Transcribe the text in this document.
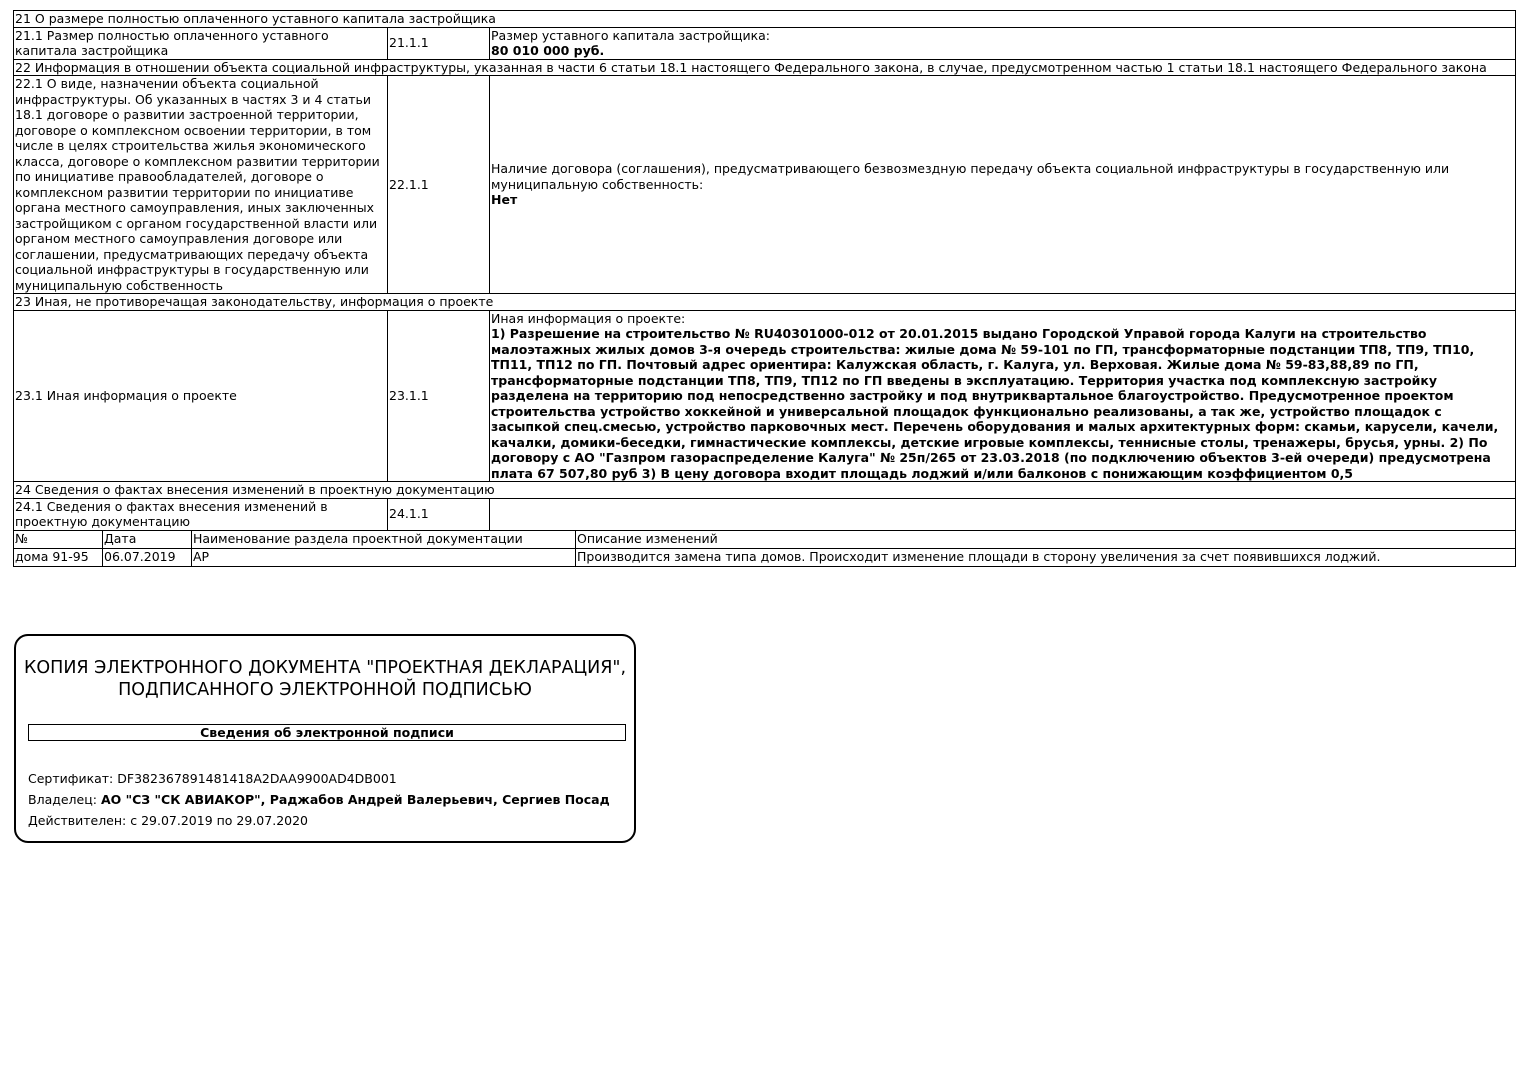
21 О размере полностью оплаченного уставного капитала застройщика		
21.1 Размер полностью оплаченного уставного капитала застройщика	21.1.1	Размер уставного капитала застройщика:
80 010 000 руб.

22 Информация в отношении объекта социальной инфраструктуры, указанная в части 6 статьи 18.1 настоящего Федерального закона, в случае, предусмотренном частью 1 статьи 18.1 настоящего Федерального закона		
22.1 О виде, назначении объекта социальной инфраструктуры. Об указанных в частях 3 и 4 статьи 18.1 договоре о развитии застроенной территории, договоре о комплексном освоении территории, в том числе в целях строительства жилья экономического класса, договоре о комплексном развитии территории по инициативе правообладателей, договоре о комплексном развитии территории по инициативе органа местного самоуправления, иных заключенных застройщиком с органом государственной власти или органом местного самоуправления договоре или соглашении, предусматривающих передачу объекта социальной инфраструктуры в государственную или муниципальную собственность	22.1.1	Наличие договора (соглашения), предусматривающего безвозмездную передачу объекта социальной инфраструктуры в государственную или муниципальную собственность:
Нет

23 Иная, не противоречащая законодательству, информация о проекте		
23.1 Иная информация о проекте	23.1.1	Иная информация о проекте:
1) Разрешение на строительство № RU40301000-012 от 20.01.2015 выдано Городской Управой города Калуги на строительство малоэтажных жилых домов 3-я очередь строительства: жилые дома № 59-101 по ГП, трансформаторные подстанции ТП8, ТП9, ТП10, ТП11, ТП12 по ГП. Почтовый адрес ориентира: Калужская область, г. Калуга, ул. Верховая. Жилые дома № 59-83,88,89 по ГП, трансформаторные подстанции ТП8, ТП9, ТП12 по ГП введены в эксплуатацию. Территория участка под комплексную застройку разделена на территорию под непосредственно застройку и под внутриквартальное благоустройство. Предусмотренное проектом строительства устройство хоккейной и универсальной площадок функционально реализованы, а так же, устройство площадок с засыпкой спец.смесью, устройство парковочных мест. Перечень оборудования и малых архитектурных форм: скамьи, карусели, качели, качалки, домики-беседки, гимнастические комплексы, детские игровые комплексы, теннисные столы, тренажеры, брусья, урны. 2) По договору с АО "Газпром газораспределение Калуга" № 25п/265 от 23.03.2018 (по подключению объектов 3-ей очереди) предусмотрена плата 67 507,80 руб 3) В цену договора входит площадь лоджий и/или балконов с понижающим коэффициентом 0,5

24 Сведения о фактах внесения изменений в проектную документацию		
24.1 Сведения о фактах внесения изменений в проектную документацию	24.1.1	
№	Дата	Наименование раздела проектной документации	Описание изменений
дома 91-95	06.07.2019	АР	Производится замена типа домов. Происходит изменение площади в сторону увеличения за счет появившихся лоджий.
КОПИЯ ЭЛЕКТРОННОГО ДОКУМЕНТА "ПРОЕКТНАЯ ДЕКЛАРАЦИЯ",
ПОДПИСАННОГО ЭЛЕКТРОННОЙ ПОДПИСЬЮ
Сведения об электронной подписи
Сертификат: DF382367891481418A2DAA9900AD4DB001
Владелец: АО "СЗ "СК АВИАКОР", Раджабов Андрей Валерьевич, Сергиев Посад
Действителен: с 29.07.2019 по 29.07.2020
